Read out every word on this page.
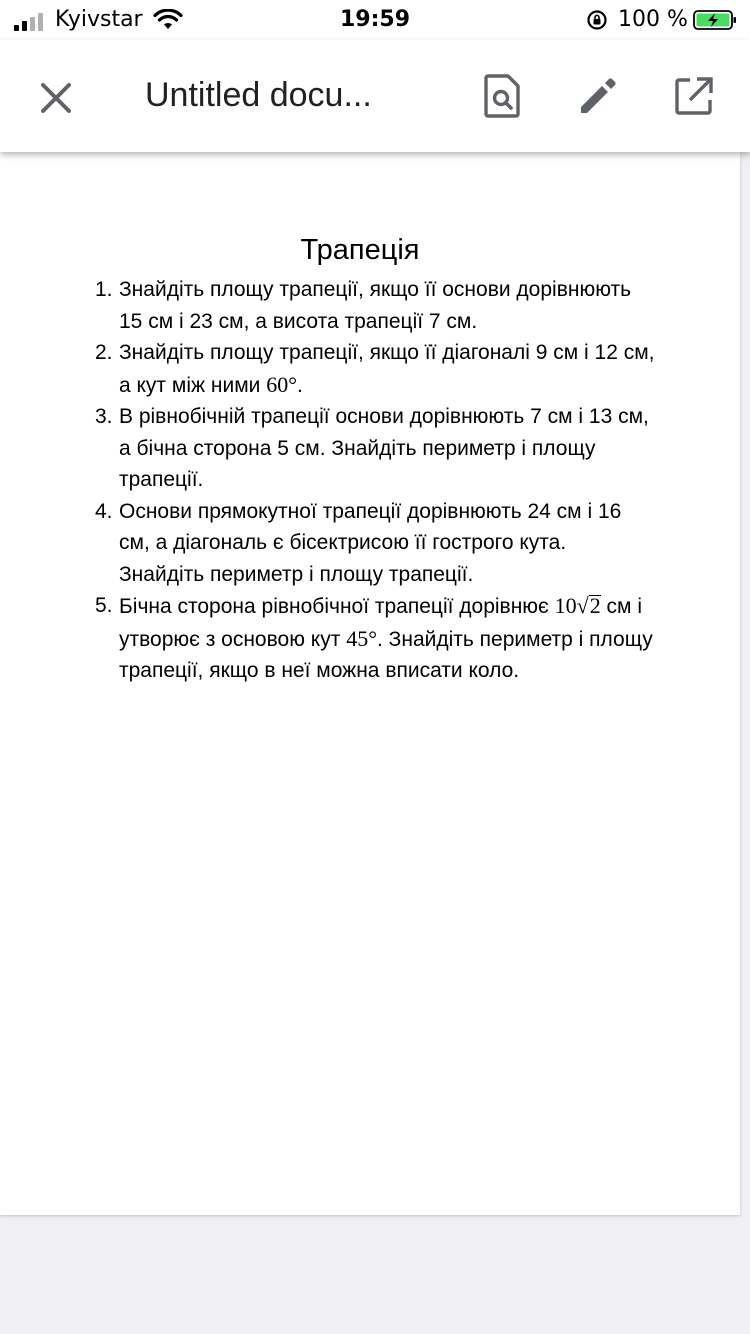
Kyivstar	19:59	100 %
Untitled docu...
Трапеція
1. Знайдіть площу трапеції, якщо її основи дорівнюють 15 см і 23 см, а висота трапеції 7 см.
2. Знайдіть площу трапеції, якщо її діагоналі 9 см і 12 см, а кут між ними 60°.
3. В рівнобічній трапеції основи дорівнюють 7 см і 13 см, а бічна сторона 5 см. Знайдіть периметр і площу трапеції.
4. Основи прямокутної трапеції дорівнюють 24 см і 16 см, а діагональ є бісектрисою її гострого кута. Знайдіть периметр і площу трапеції.
5. Бічна сторона рівнобічної трапеції дорівнює 10√2 см і утворює з основою кут 45°. Знайдіть периметр і площу трапеції, якщо в неї можна вписати коло.
